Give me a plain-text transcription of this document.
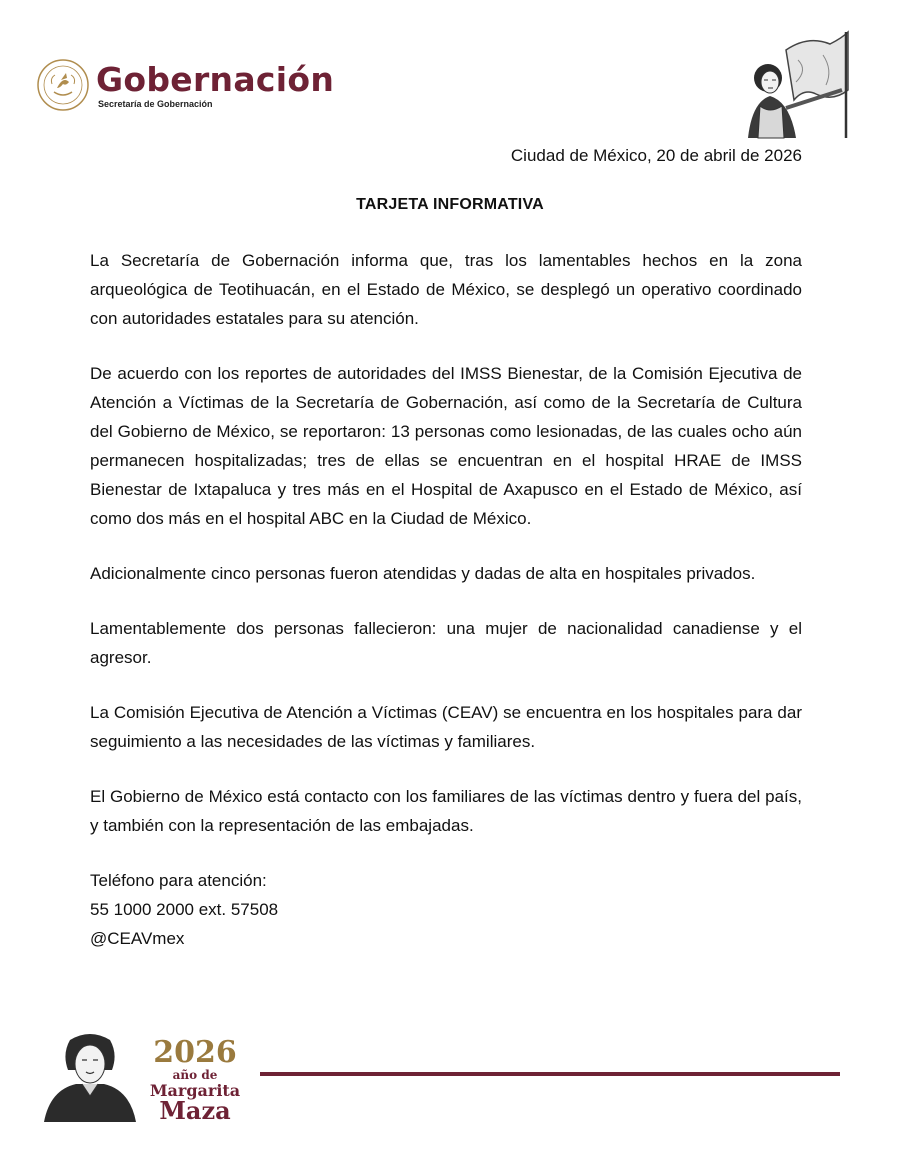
Gobernación
Secretaría de Gobernación
Ciudad de México, 20 de abril de 2026
TARJETA INFORMATIVA

La Secretaría de Gobernación informa que, tras los lamentables hechos en la zona arqueológica de Teotihuacán, en el Estado de México, se desplegó un operativo coordinado con autoridades estatales para su atención.

De acuerdo con los reportes de autoridades del IMSS Bienestar, de la Comisión Ejecutiva de Atención a Víctimas de la Secretaría de Gobernación, así como de la Secretaría de Cultura del Gobierno de México, se reportaron: 13 personas como lesionadas, de las cuales ocho aún permanecen hospitalizadas; tres de ellas se encuentran en el hospital HRAE de IMSS Bienestar de Ixtapaluca y tres más en el Hospital de Axapusco en el Estado de México, así como dos más en el hospital ABC en la Ciudad de México.

Adicionalmente cinco personas fueron atendidas y dadas de alta en hospitales privados.

Lamentablemente dos personas fallecieron: una mujer de nacionalidad canadiense y el agresor.

La Comisión Ejecutiva de Atención a Víctimas (CEAV) se encuentra en los hospitales para dar seguimiento a las necesidades de las víctimas y familiares.

El Gobierno de México está contacto con los familiares de las víctimas dentro y fuera del país, y también con la representación de las embajadas.

Teléfono para atención:
55 1000 2000 ext. 57508
@CEAVmex
2026
año de
Margarita
Maza
